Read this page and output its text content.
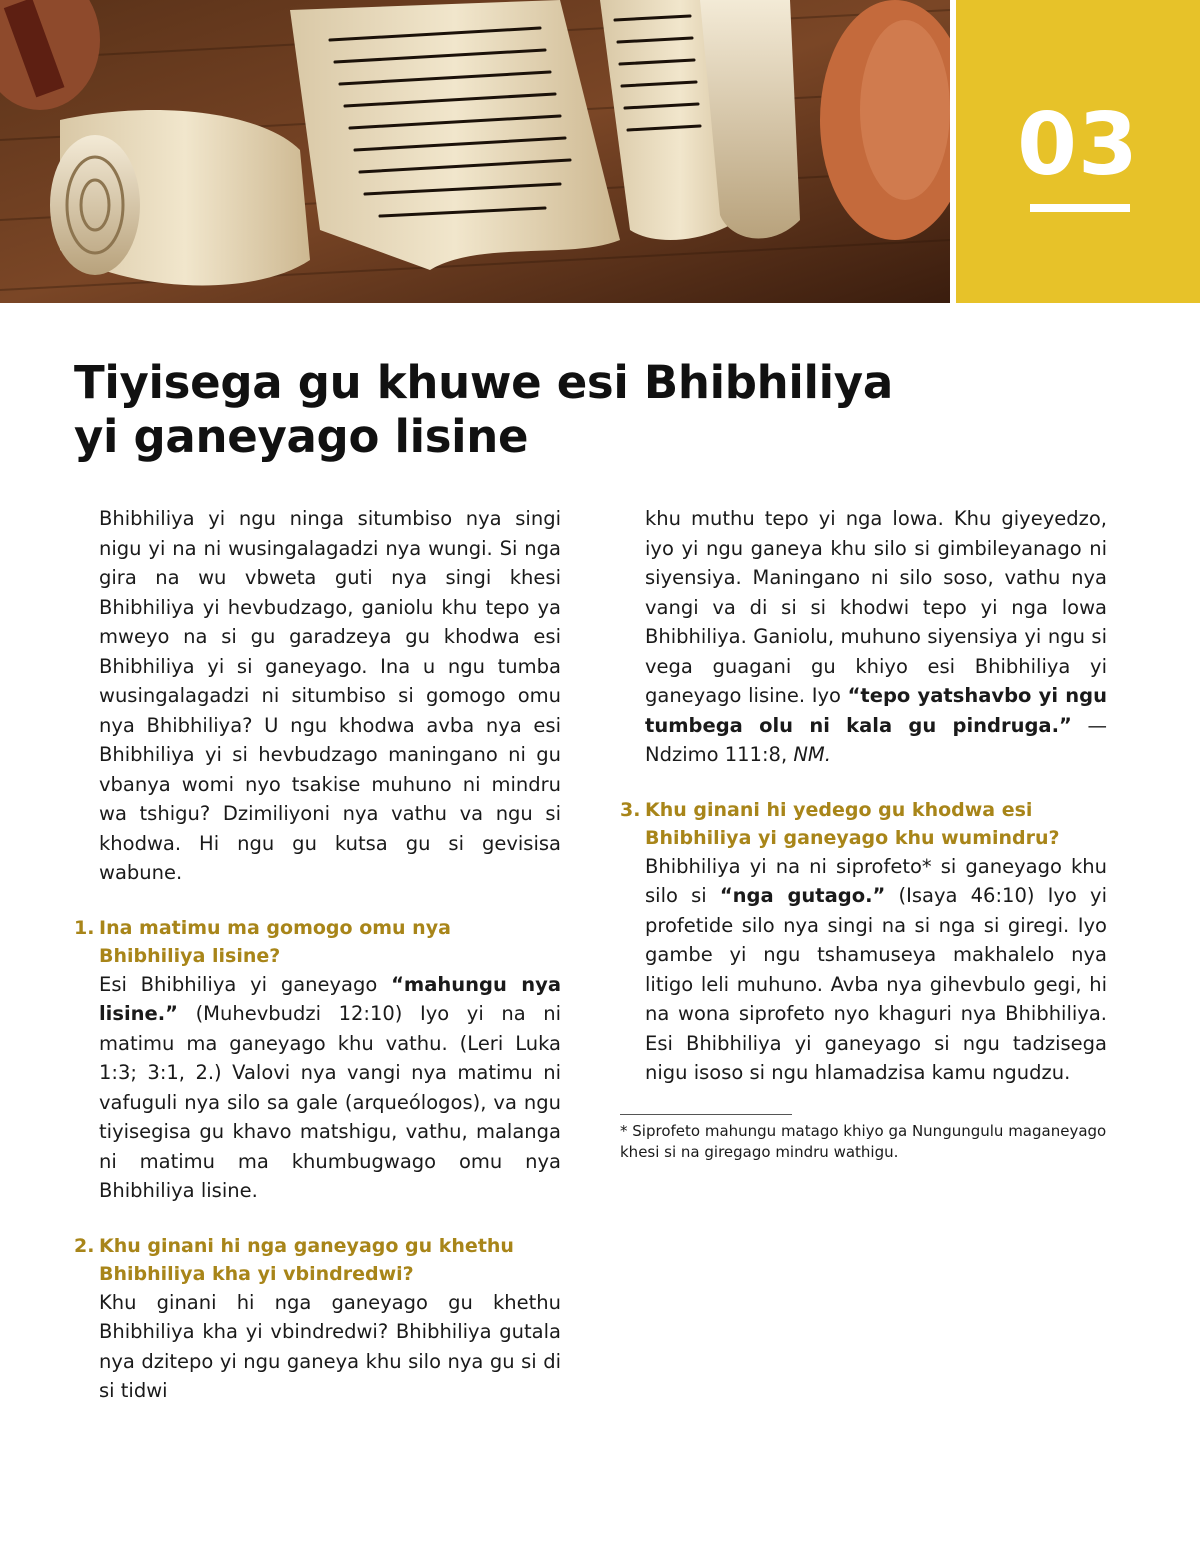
03
Tiyisega gu khuwe esi Bhibhiliya
yi ganeyago lisine

Bhibhiliya yi ngu ninga situmbiso nya singi nigu yi na ni wusingalagadzi nya wungi. Si nga gira na wu vbweta guti nya singi khesi Bhibhiliya yi hevbudzago, ganiolu khu tepo ya mweyo na si gu garadzeya gu khodwa esi Bhibhiliya yi si ganeyago. Ina u ngu tumba wusingalagadzi ni situmbiso si gomogo omu nya Bhibhiliya? U ngu khodwa avba nya esi Bhibhiliya yi si hevbudzago maningano ni gu vbanya womi nyo tsakise muhuno ni mindru wa tshigu? Dzimiliyoni nya vathu va ngu si khodwa. Hi ngu gu kutsa gu si gevisisa wabune.

1. Ina matimu ma gomogo omu nya Bhibhiliya lisine?

Esi Bhibhiliya yi ganeyago “mahungu nya lisine.” (Muhevbudzi 12:10) Iyo yi na ni matimu ma ganeyago khu vathu. (Leri Luka 1:3; 3:1, 2.) Valovi nya vangi nya matimu ni vafuguli nya silo sa gale (arqueólogos), va ngu tiyisegisa gu khavo matshigu, vathu, malanga ni matimu ma khumbugwago omu nya Bhibhiliya lisine.

2. Khu ginani hi nga ganeyago gu khethu Bhibhiliya kha yi vbindredwi?

Khu ginani hi nga ganeyago gu khethu Bhibhiliya kha yi vbindredwi? Bhibhiliya gutala nya dzitepo yi ngu ganeya khu silo nya gu si di si tidwi

khu muthu tepo yi nga lowa. Khu giyeyedzo, iyo yi ngu ganeya khu silo si gimbileyanago ni siyensiya. Maningano ni silo soso, vathu nya vangi va di si si khodwi tepo yi nga lowa Bhibhiliya. Ganiolu, muhuno siyensiya yi ngu si vega guagani gu khiyo esi Bhibhiliya yi ganeyago lisine. Iyo “tepo yatshavbo yi ngu tumbega olu ni kala gu pindruga.” — Ndzimo 111:8, NM.

3. Khu ginani hi yedego gu khodwa esi Bhibhiliya yi ganeyago khu wumindru?

Bhibhiliya yi na ni siprofeto* si ganeyago khu silo si “nga gutago.” (Isaya 46:10) Iyo yi profetide silo nya singi na si nga si giregi. Iyo gambe yi ngu tshamuseya makhalelo nya litigo leli muhuno. Avba nya gihevbulo gegi, hi na wona siprofeto nyo khaguri nya Bhibhiliya. Esi Bhibhiliya yi ganeyago si ngu tadzisega nigu isoso si ngu hlamadzisa kamu ngudzu.

* Siprofeto mahungu matago khiyo ga Nungungulu maganeyago khesi si na giregago mindru wathigu.
